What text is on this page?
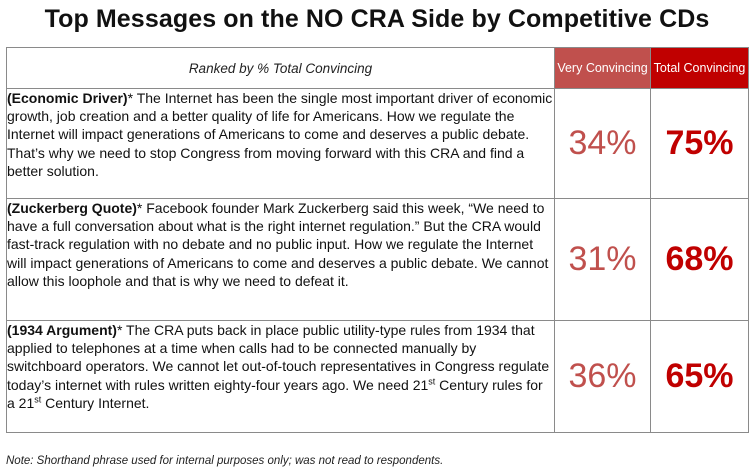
Top Messages on the NO CRA Side by Competitive CDs
Ranked by % Total Convincing	Very Convincing	Total Convincing
(Economic Driver)* The Internet has been the single most important driver of economic growth, job creation and a better quality of life for Americans. How we regulate the Internet will impact generations of Americans to come and deserves a public debate. That’s why we need to stop Congress from moving forward with this CRA and find a better solution.	34%	75%
(Zuckerberg Quote)* Facebook founder Mark Zuckerberg said this week, “We need to have a full conversation about what is the right internet regulation.” But the CRA would fast-track regulation with no debate and no public input. How we regulate the Internet will impact generations of Americans to come and deserves a public debate. We cannot allow this loophole and that is why we need to defeat it.	31%	68%
(1934 Argument)* The CRA puts back in place public utility-type rules from 1934 that applied to telephones at a time when calls had to be connected manually by switchboard operators. We cannot let out-of-touch representatives in Congress regulate today’s internet with rules written eighty-four years ago. We need 21st Century rules for a 21st Century Internet.	36%	65%
Note: Shorthand phrase used for internal purposes only; was not read to respondents.
